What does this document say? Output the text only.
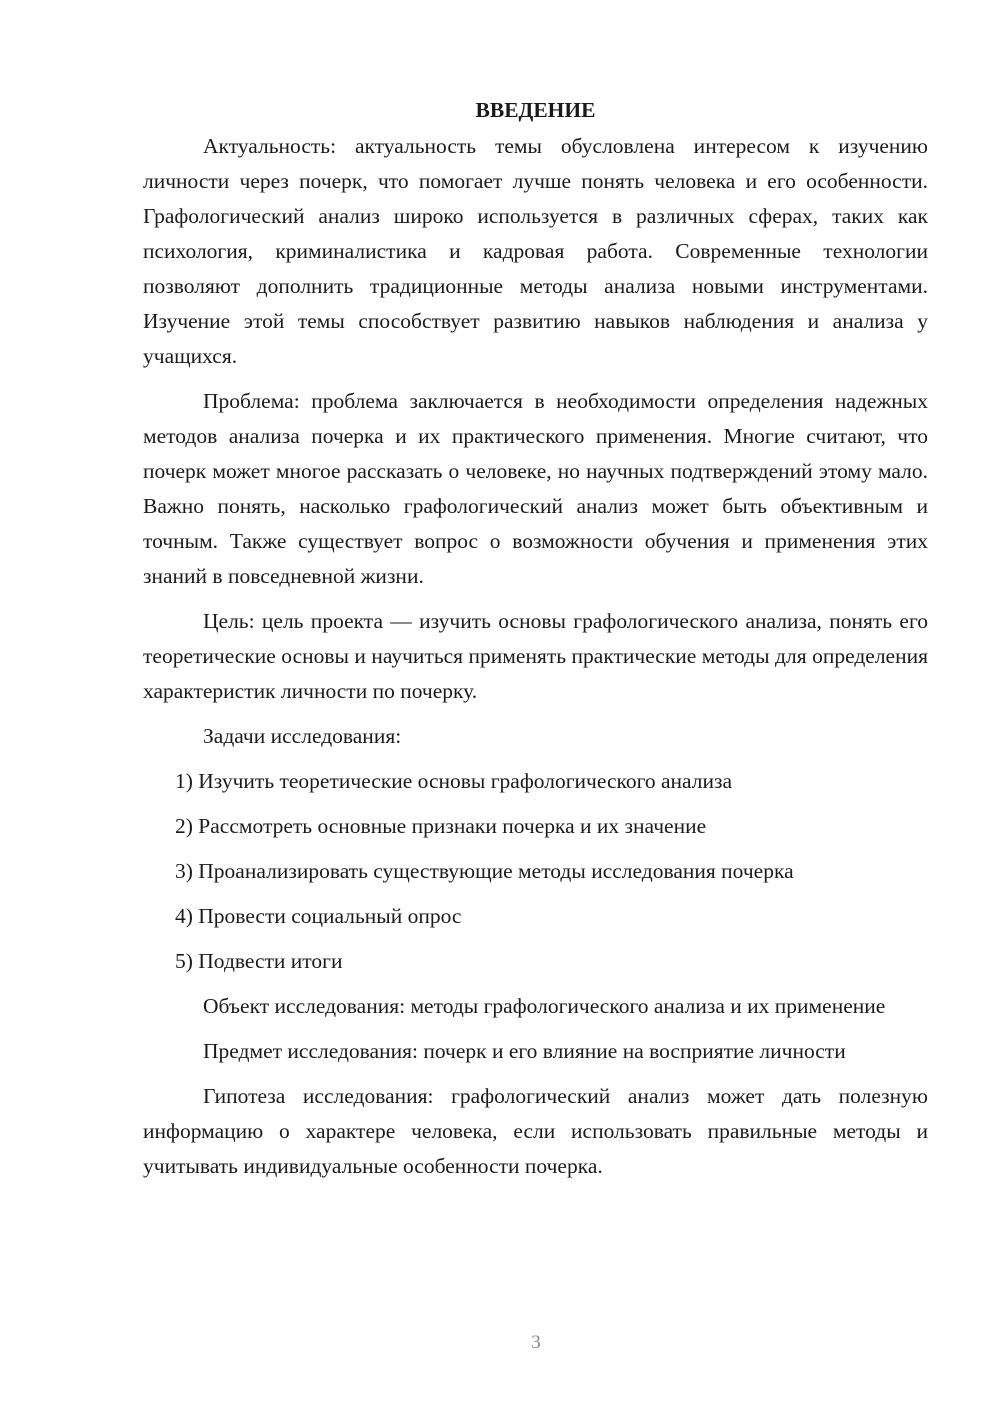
ВВЕДЕНИЕ

Актуальность: актуальность темы обусловлена интересом к изучению личности через почерк, что помогает лучше понять человека и его особенности. Графологический анализ широко используется в различных сферах, таких как психология, криминалистика и кадровая работа. Современные технологии позволяют дополнить традиционные методы анализа новыми инструментами. Изучение этой темы способствует развитию навыков наблюдения и анализа у учащихся.

Проблема: проблема заключается в необходимости определения надежных методов анализа почерка и их практического применения. Многие считают, что почерк может многое рассказать о человеке, но научных подтверждений этому мало. Важно понять, насколько графологический анализ может быть объективным и точным. Также существует вопрос о возможности обучения и применения этих знаний в повседневной жизни.

Цель: цель проекта — изучить основы графологического анализа, понять его теоретические основы и научиться применять практические методы для определения характеристик личности по почерку.

Задачи исследования:

1) Изучить теоретические основы графологического анализа
2) Рассмотреть основные признаки почерка и их значение
3) Проанализировать существующие методы исследования почерка
4) Провести социальный опрос
5) Подвести итоги

Объект исследования: методы графологического анализа и их применение

Предмет исследования: почерк и его влияние на восприятие личности

Гипотеза исследования: графологический анализ может дать полезную информацию о характере человека, если использовать правильные методы и учитывать индивидуальные особенности почерка.

3
